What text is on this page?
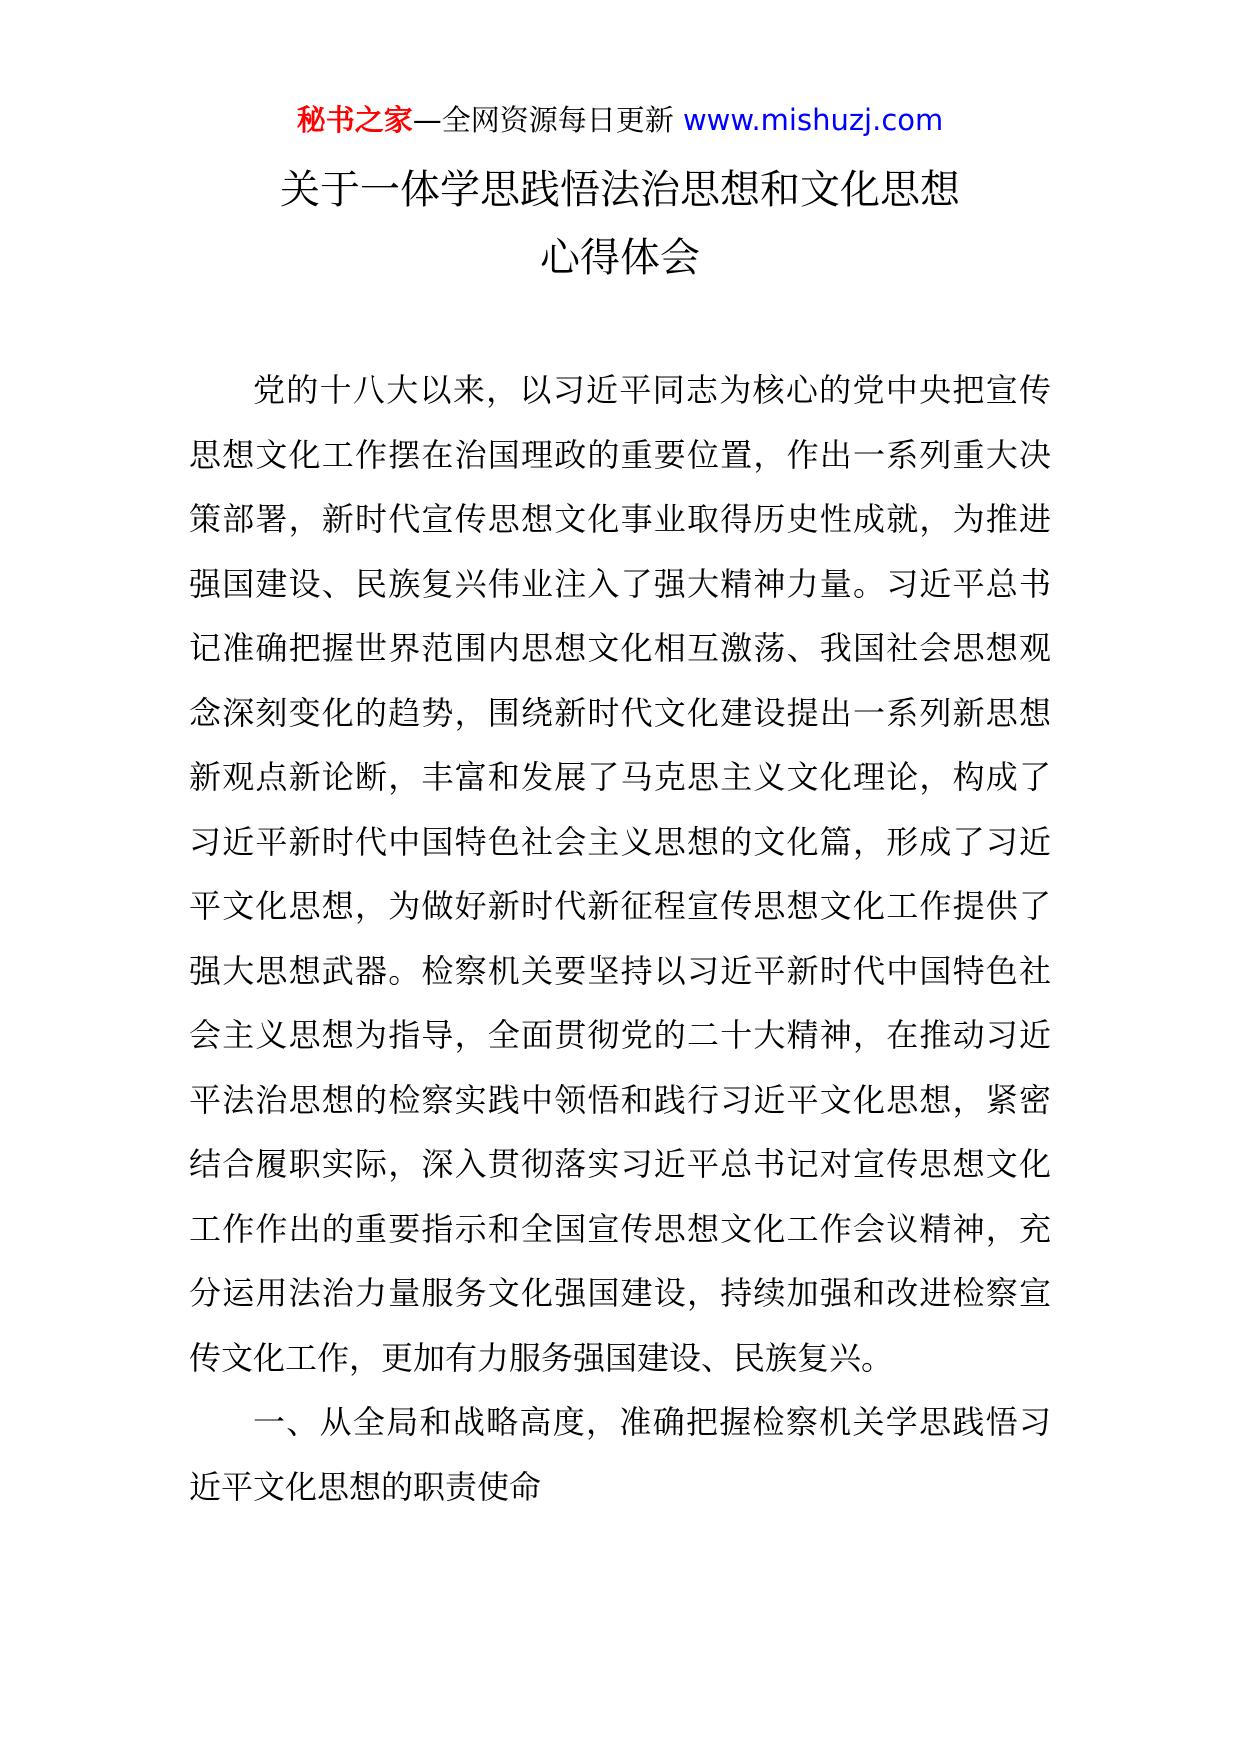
秘书之家—全网资源每日更新 www.mishuzj.com
关于一体学思践悟法治思想和文化思想
心得体会

党的十八大以来，以习近平同志为核心的党中央把宣传思想文化工作摆在治国理政的重要位置，作出一系列重大决策部署，新时代宣传思想文化事业取得历史性成就，为推进强国建设、民族复兴伟业注入了强大精神力量。习近平总书记准确把握世界范围内思想文化相互激荡、我国社会思想观念深刻变化的趋势，围绕新时代文化建设提出一系列新思想新观点新论断，丰富和发展了马克思主义文化理论，构成了习近平新时代中国特色社会主义思想的文化篇，形成了习近平文化思想，为做好新时代新征程宣传思想文化工作提供了强大思想武器。检察机关要坚持以习近平新时代中国特色社会主义思想为指导，全面贯彻党的二十大精神，在推动习近平法治思想的检察实践中领悟和践行习近平文化思想，紧密结合履职实际，深入贯彻落实习近平总书记对宣传思想文化工作作出的重要指示和全国宣传思想文化工作会议精神，充分运用法治力量服务文化强国建设，持续加强和改进检察宣传文化工作，更加有力服务强国建设、民族复兴。

一、从全局和战略高度，准确把握检察机关学思践悟习近平文化思想的职责使命
